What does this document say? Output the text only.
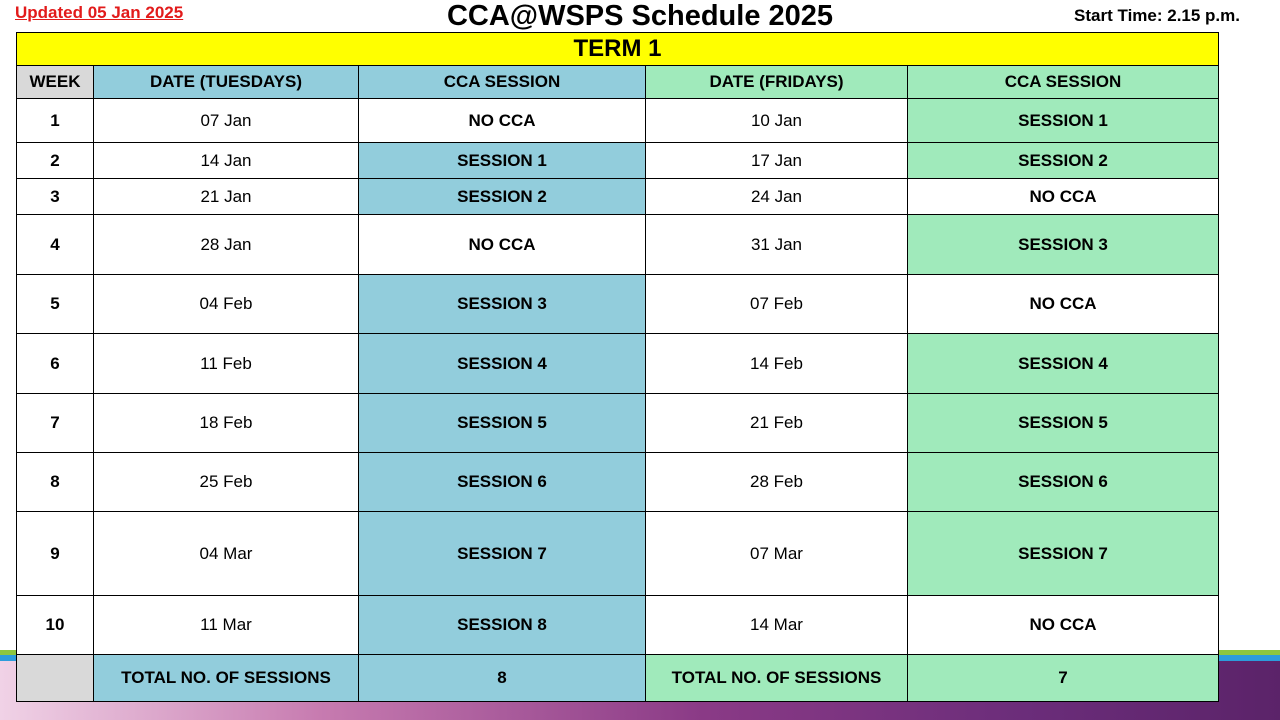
Updated 05 Jan 2025	CCA@WSPS Schedule 2025	Start Time: 2.15 p.m.
TERM 1				
WEEK	DATE (TUESDAYS)	CCA SESSION	DATE (FRIDAYS)	CCA SESSION
1	07 Jan	NO CCA	10 Jan	SESSION 1
2	14 Jan	SESSION 1	17 Jan	SESSION 2
3	21 Jan	SESSION 2	24 Jan	NO CCA
4	28 Jan	NO CCA	31 Jan	SESSION 3
5	04 Feb	SESSION 3	07 Feb	NO CCA
6	11 Feb	SESSION 4	14 Feb	SESSION 4
7	18 Feb	SESSION 5	21 Feb	SESSION 5
8	25 Feb	SESSION 6	28 Feb	SESSION 6
9	04 Mar	SESSION 7	07 Mar	SESSION 7
10	11 Mar	SESSION 8	14 Mar	NO CCA
	TOTAL NO. OF SESSIONS	8	TOTAL NO. OF SESSIONS	7
